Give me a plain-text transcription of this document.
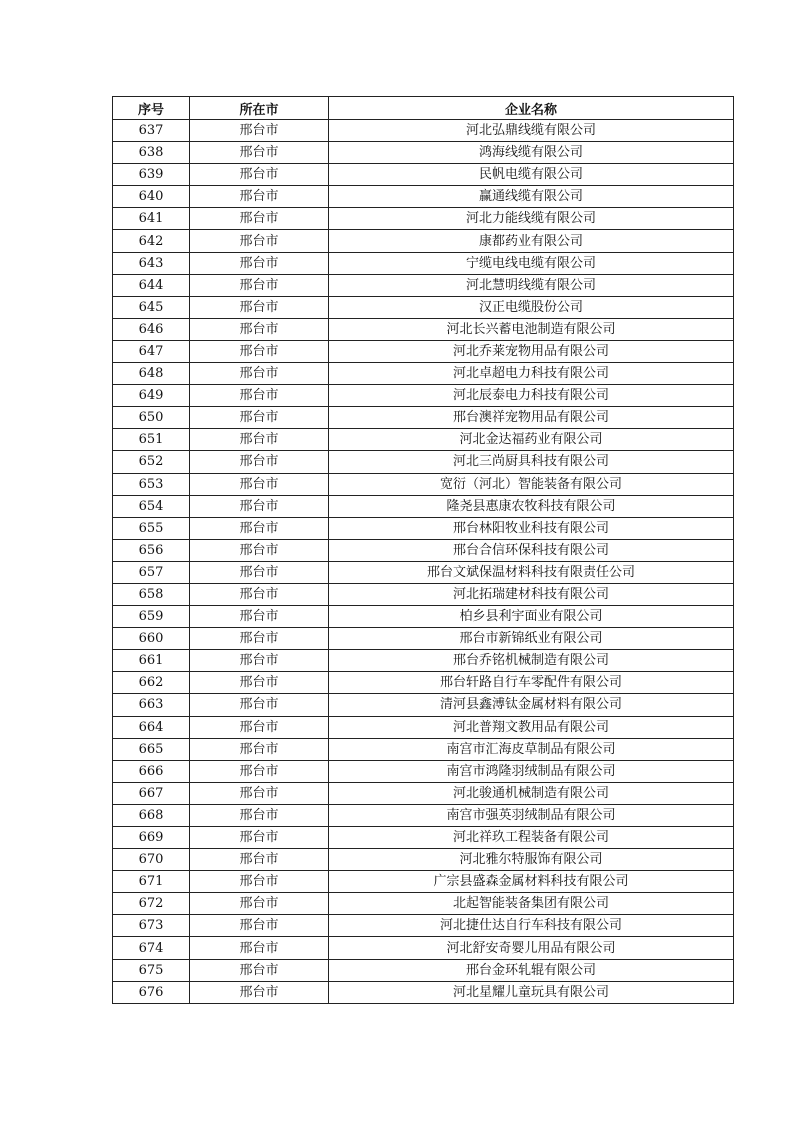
序号	所在市	企业名称
637	邢台市	河北弘鼎线缆有限公司
638	邢台市	鸿海线缆有限公司
639	邢台市	民帆电缆有限公司
640	邢台市	赢通线缆有限公司
641	邢台市	河北力能线缆有限公司
642	邢台市	康都药业有限公司
643	邢台市	宁缆电线电缆有限公司
644	邢台市	河北慧明线缆有限公司
645	邢台市	汉正电缆股份公司
646	邢台市	河北长兴蓄电池制造有限公司
647	邢台市	河北乔莱宠物用品有限公司
648	邢台市	河北卓超电力科技有限公司
649	邢台市	河北辰泰电力科技有限公司
650	邢台市	邢台澳祥宠物用品有限公司
651	邢台市	河北金达福药业有限公司
652	邢台市	河北三尚厨具科技有限公司
653	邢台市	宽衍（河北）智能装备有限公司
654	邢台市	隆尧县惠康农牧科技有限公司
655	邢台市	邢台林阳牧业科技有限公司
656	邢台市	邢台合信环保科技有限公司
657	邢台市	邢台文斌保温材料科技有限责任公司
658	邢台市	河北拓瑞建材科技有限公司
659	邢台市	柏乡县利宇面业有限公司
660	邢台市	邢台市新锦纸业有限公司
661	邢台市	邢台乔铭机械制造有限公司
662	邢台市	邢台轩路自行车零配件有限公司
663	邢台市	清河县鑫溥钛金属材料有限公司
664	邢台市	河北普翔文教用品有限公司
665	邢台市	南宫市汇海皮草制品有限公司
666	邢台市	南宫市鸿隆羽绒制品有限公司
667	邢台市	河北骏通机械制造有限公司
668	邢台市	南宫市强英羽绒制品有限公司
669	邢台市	河北祥玖工程装备有限公司
670	邢台市	河北雅尔特服饰有限公司
671	邢台市	广宗县盛森金属材料科技有限公司
672	邢台市	北起智能装备集团有限公司
673	邢台市	河北捷仕达自行车科技有限公司
674	邢台市	河北舒安奇婴儿用品有限公司
675	邢台市	邢台金环轧辊有限公司
676	邢台市	河北星耀儿童玩具有限公司
